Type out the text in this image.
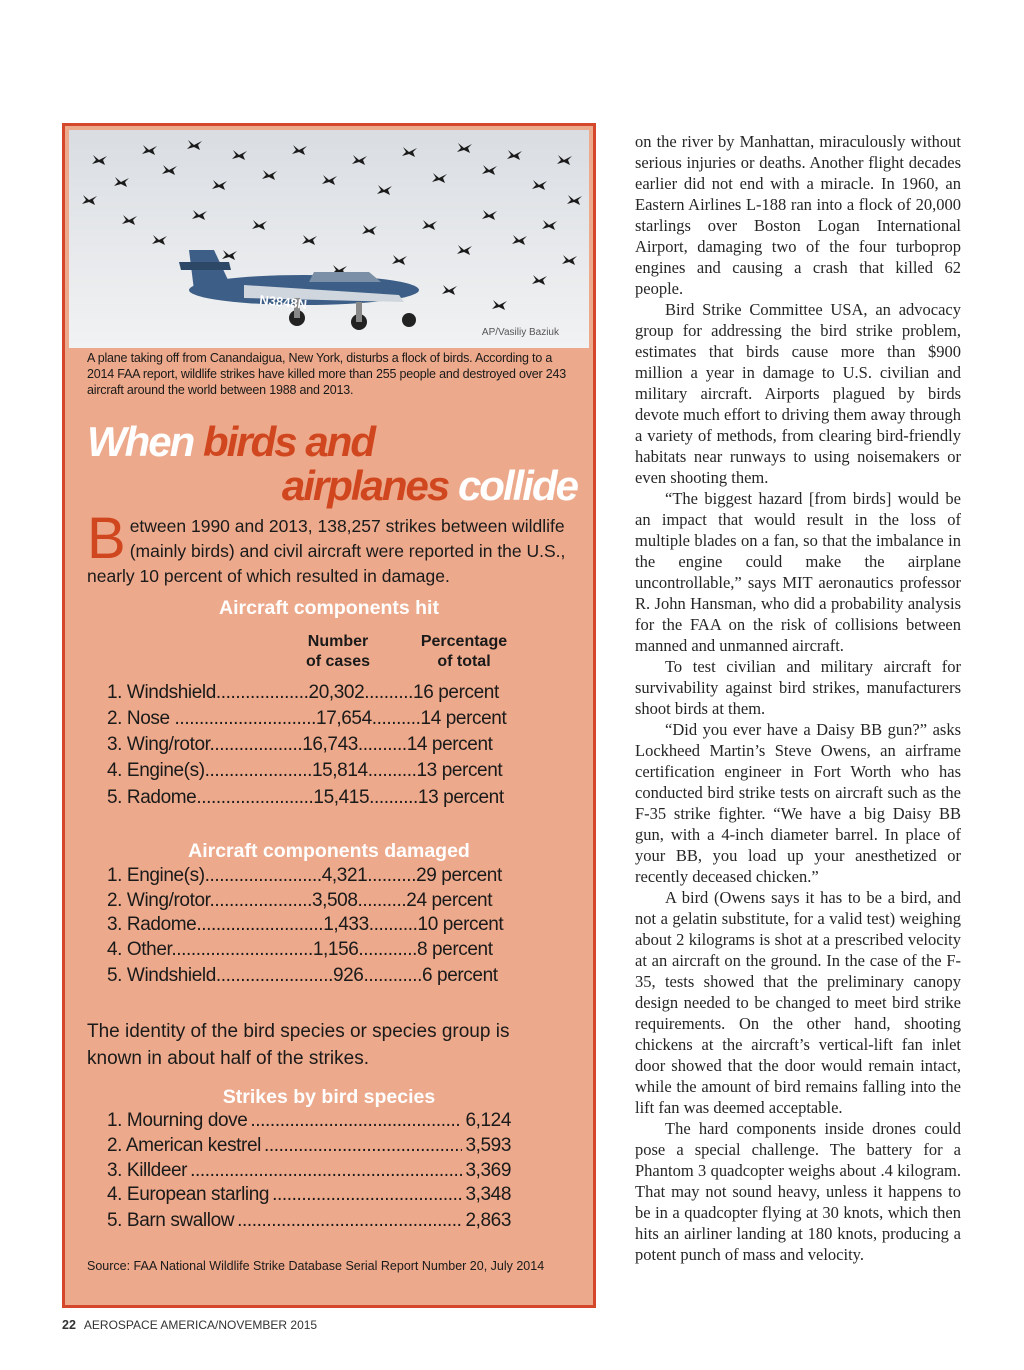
N3848N
AP/Vasiliy Baziuk
A plane taking off from Canandaigua, New York, disturbs a flock of birds. According to a 2014 FAA report, wildlife strikes have killed more than 255 people and destroyed over 243 aircraft around the world between 1988 and 2013.
When birds and
airplanes collide
Between 1990 and 2013, 138,257 strikes between wildlife (mainly birds) and civil aircraft were reported in the U.S., nearly 10 percent of which resulted in damage.
Aircraft components hit
Number
of cases
Percentage
of total
1. Windshield...................20,302..........16 percent
2. Nose .............................17,654..........14 percent
3. Wing/rotor...................16,743..........14 percent
4. Engine(s)......................15,814..........13 percent
5. Radome........................15,415..........13 percent
Aircraft components damaged
1. Engine(s)........................4,321..........29 percent
2. Wing/rotor.....................3,508..........24 percent
3. Radome..........................1,433..........10 percent
4. Other.............................1,156............8 percent
5. Windshield........................926............6 percent
The identity of the bird species or species group is known in about half of the strikes.
Strikes by bird species
1. Mourning dove .....	6,124
2. American kestrel .....	3,593
3. Killdeer .....	3,369
4. European starling .....	3,348
5. Barn swallow .....	2,863
Source: FAA National Wildlife Strike Database Serial Report Number 20, July 2014

on the river by Manhattan, miraculously without serious injuries or deaths. Another flight decades earlier did not end with a miracle. In 1960, an Eastern Airlines L-188 ran into a flock of 20,000 starlings over Boston Logan International Airport, damaging two of the four turboprop engines and causing a crash that killed 62 people.

Bird Strike Committee USA, an advocacy group for addressing the bird strike problem, estimates that birds cause more than $900 million a year in damage to U.S. civilian and military aircraft. Airports plagued by birds devote much effort to driving them away through a variety of methods, from clearing bird-friendly habitats near runways to using noisemakers or even shooting them.

“The biggest hazard [from birds] would be an impact that would result in the loss of multiple blades on a fan, so that the imbalance in the engine could make the airplane uncontrollable,” says MIT aeronautics professor R. John Hansman, who did a probability analysis for the FAA on the risk of collisions between manned and unmanned aircraft.

To test civilian and military aircraft for survivability against bird strikes, manufacturers shoot birds at them.

“Did you ever have a Daisy BB gun?” asks Lockheed Martin’s Steve Owens, an airframe certification engineer in Fort Worth who has conducted bird strike tests on aircraft such as the F-35 strike fighter. “We have a big Daisy BB gun, with a 4-inch diameter barrel. In place of your BB, you load up your anesthetized or recently deceased chicken.”

A bird (Owens says it has to be a bird, and not a gelatin substitute, for a valid test) weighing about 2 kilograms is shot at a prescribed velocity at an aircraft on the ground. In the case of the F-35, tests showed that the preliminary canopy design needed to be changed to meet bird strike requirements. On the other hand, shooting chickens at the aircraft’s vertical-lift fan inlet door showed that the door would remain intact, while the amount of bird remains falling into the lift fan was deemed acceptable.

The hard components inside drones could pose a special challenge. The battery for a Phantom 3 quadcopter weighs about .4 kilogram. That may not sound heavy, unless it happens to be in a quadcopter flying at 30 knots, which then hits an airliner landing at 180 knots, producing a potent punch of mass and velocity.

22 AEROSPACE AMERICA/NOVEMBER 2015
